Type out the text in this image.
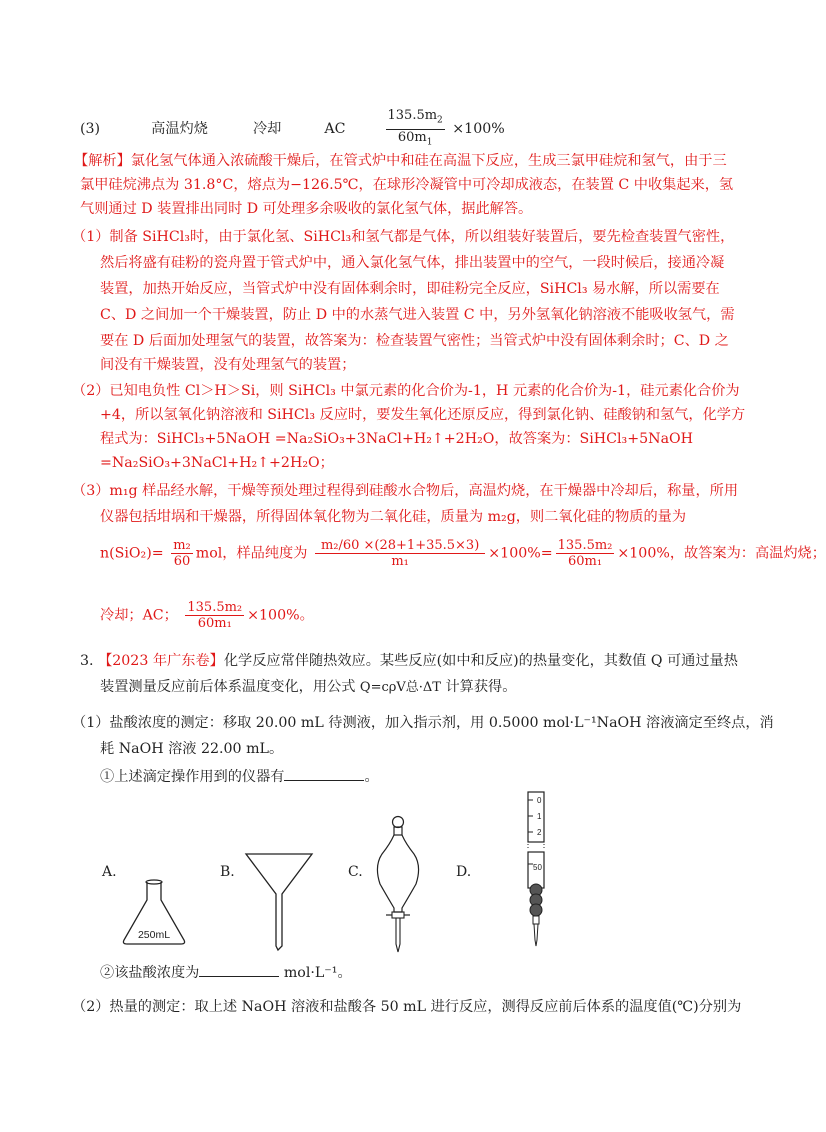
(3)	高温灼烧	冷却	AC	$\frac{135.5m_2}{60m_1} \times 100\%$
【解析】氯化氢气体通入浓硫酸干燥后，在管式炉中和硅在高温下反应，生成三氯甲硅烷和氢气，由于三
氯甲硅烷沸点为 31.8°C，熔点为−126.5℃，在球形冷凝管中可冷却成液态，在装置 C 中收集起来，氢
气则通过 D 装置排出同时 D 可处理多余吸收的氯化氢气体，据此解答。
（1）制备 SiHCl₃时，由于氯化氢、SiHCl₃和氢气都是气体，所以组装好装置后，要先检查装置气密性，
然后将盛有硅粉的瓷舟置于管式炉中，通入氯化氢气体，排出装置中的空气，一段时候后，接通冷凝
装置，加热开始反应，当管式炉中没有固体剩余时，即硅粉完全反应，SiHCl₃ 易水解，所以需要在
C、D 之间加一个干燥装置，防止 D 中的水蒸气进入装置 C 中，另外氢氧化钠溶液不能吸收氢气，需
要在 D 后面加处理氢气的装置，故答案为：检查装置气密性；当管式炉中没有固体剩余时；C、D 之
间没有干燥装置，没有处理氢气的装置；
（2）已知电负性 Cl＞H＞Si，则 SiHCl₃ 中氯元素的化合价为-1，H 元素的化合价为-1，硅元素化合价为
+4，所以氢氧化钠溶液和 SiHCl₃ 反应时，要发生氧化还原反应，得到氯化钠、硅酸钠和氢气，化学方
程式为：SiHCl₃+5NaOH =Na₂SiO₃+3NaCl+H₂↑+2H₂O，故答案为：SiHCl₃+5NaOH
=Na₂SiO₃+3NaCl+H₂↑+2H₂O；
（3）m₁g 样品经水解，干燥等预处理过程得到硅酸水合物后，高温灼烧，在干燥器中冷却后，称量，所用
仪器包括坩埚和干燥器，所得固体氧化物为二氧化硅，质量为 m₂g，则二氧化硅的物质的量为
$n(SiO_2)= \frac{\text{m₂}}{60}$ mol，样品纯度为 $\frac{\text{m₂/60 ×(28+1+35.5×3)}}{\text{m₁}} \times 100\%= \frac{\text{135.5m₂}}{\text{60m₁}} \times 100\%$，故答案为：高温灼烧；
冷却；AC； $\frac{\text{135.5m₂}}{\text{60m₁}} \times 100\%$。
3. 【2023 年广东卷】化学反应常伴随热效应。某些反应(如中和反应)的热量变化，其数值 Q 可通过量热
装置测量反应前后体系温度变化，用公式 Q=cρV总·ΔT 计算获得。
（1）盐酸浓度的测定：移取 20.00 mL 待测液，加入指示剂，用 0.5000 mol·L⁻¹NaOH 溶液滴定至终点，消
耗 NaOH 溶液 22.00 mL。
①上述滴定操作用到的仪器有	。
A.	B.	C.	D.
250mL
0
1
2
50
②该盐酸浓度为	mol·L⁻¹。
（2）热量的测定：取上述 NaOH 溶液和盐酸各 50 mL 进行反应，测得反应前后体系的温度值(℃)分别为
